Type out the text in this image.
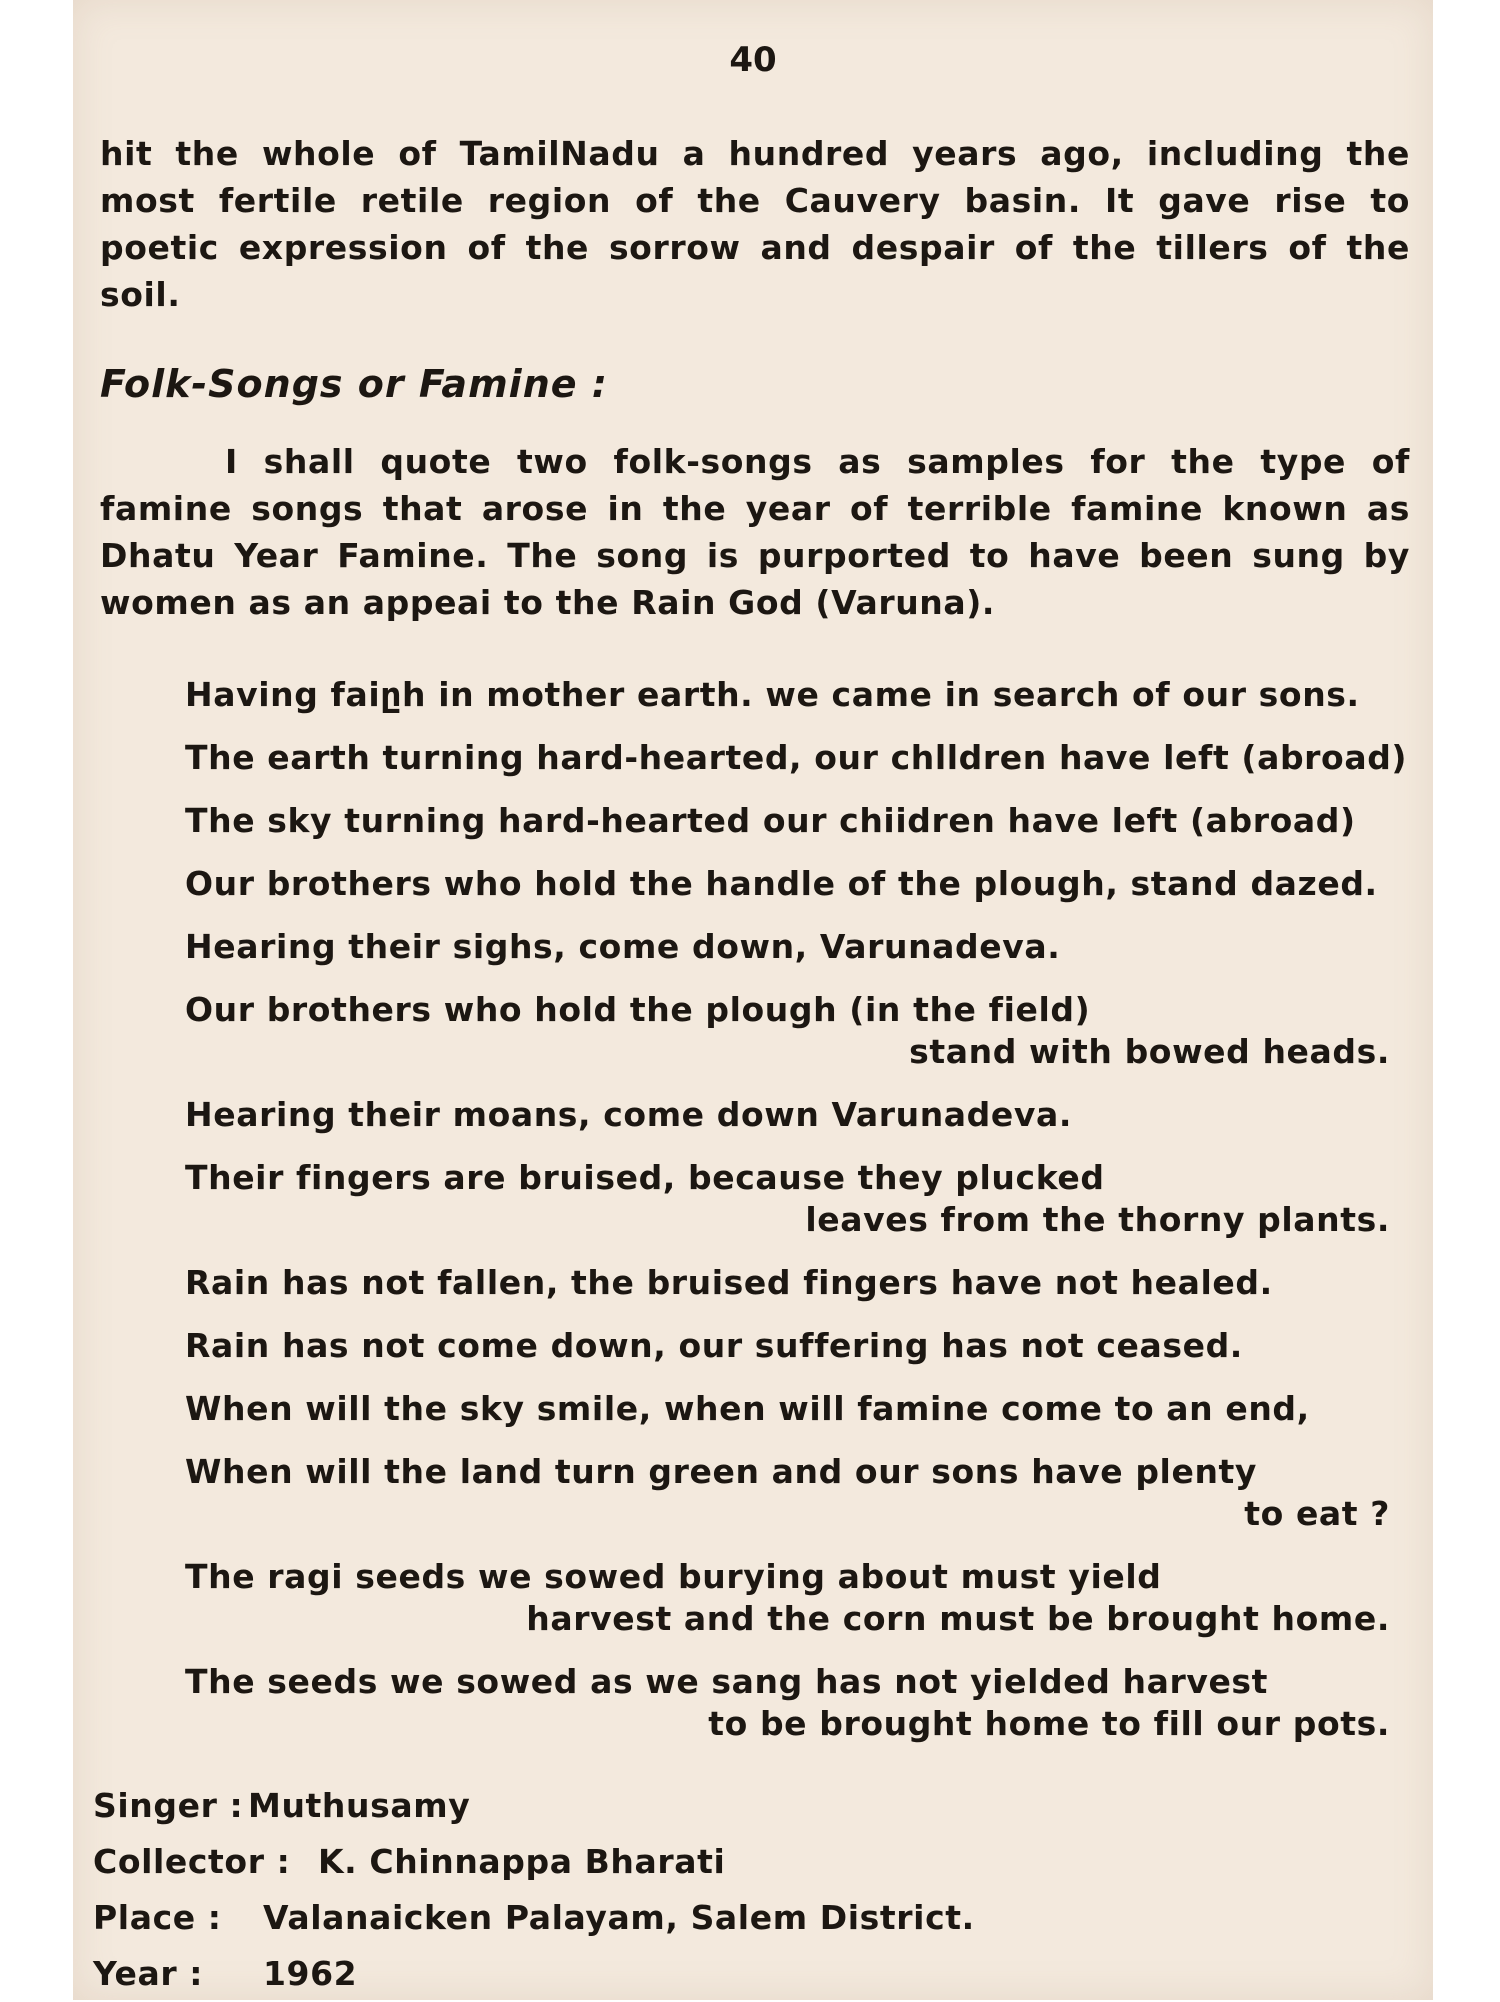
40
hit the whole of TamilNadu a hundred years ago, including the
most fertile retile region of the Cauvery basin. It gave rise to
poetic expression of the sorrow and despair of the tillers of the
soil.
Folk-Songs or Famine :
I shall quote two folk-songs as samples for the type of
famine songs that arose in the year of terrible famine known as
Dhatu Year Famine. The song is purported to have been sung by
women as an appeai to the Rain God (Varuna).
Having faiըh in mother earth. we came in search of our sons.
The earth turning hard-hearted, our chlldren have left (abroad)
The sky turning hard-hearted our chiidren have left (abroad)
Our brothers who hold the handle of the plough, stand dazed.
Hearing their sighs, come down, Varunadeva.
Our brothers who hold the plough (in the field)
stand with bowed heads.
Hearing their moans, come down Varunadeva.
Their fingers are bruised, because they plucked
leaves from the thorny plants.
Rain has not fallen, the bruised fingers have not healed.
Rain has not come down, our suffering has not ceased.
When will the sky smile, when will famine come to an end,
When will the land turn green and our sons have plenty
to eat ?
The ragi seeds we sowed burying about must yield
harvest and the corn must be brought home.
The seeds we sowed as we sang has not yielded harvest
to be brought home to fill our pots.
Singer : Muthusamy
Collector : K. Chinnappa Bharati
Place :	Valanaicken Palayam, Salem District.
Year :	1962
